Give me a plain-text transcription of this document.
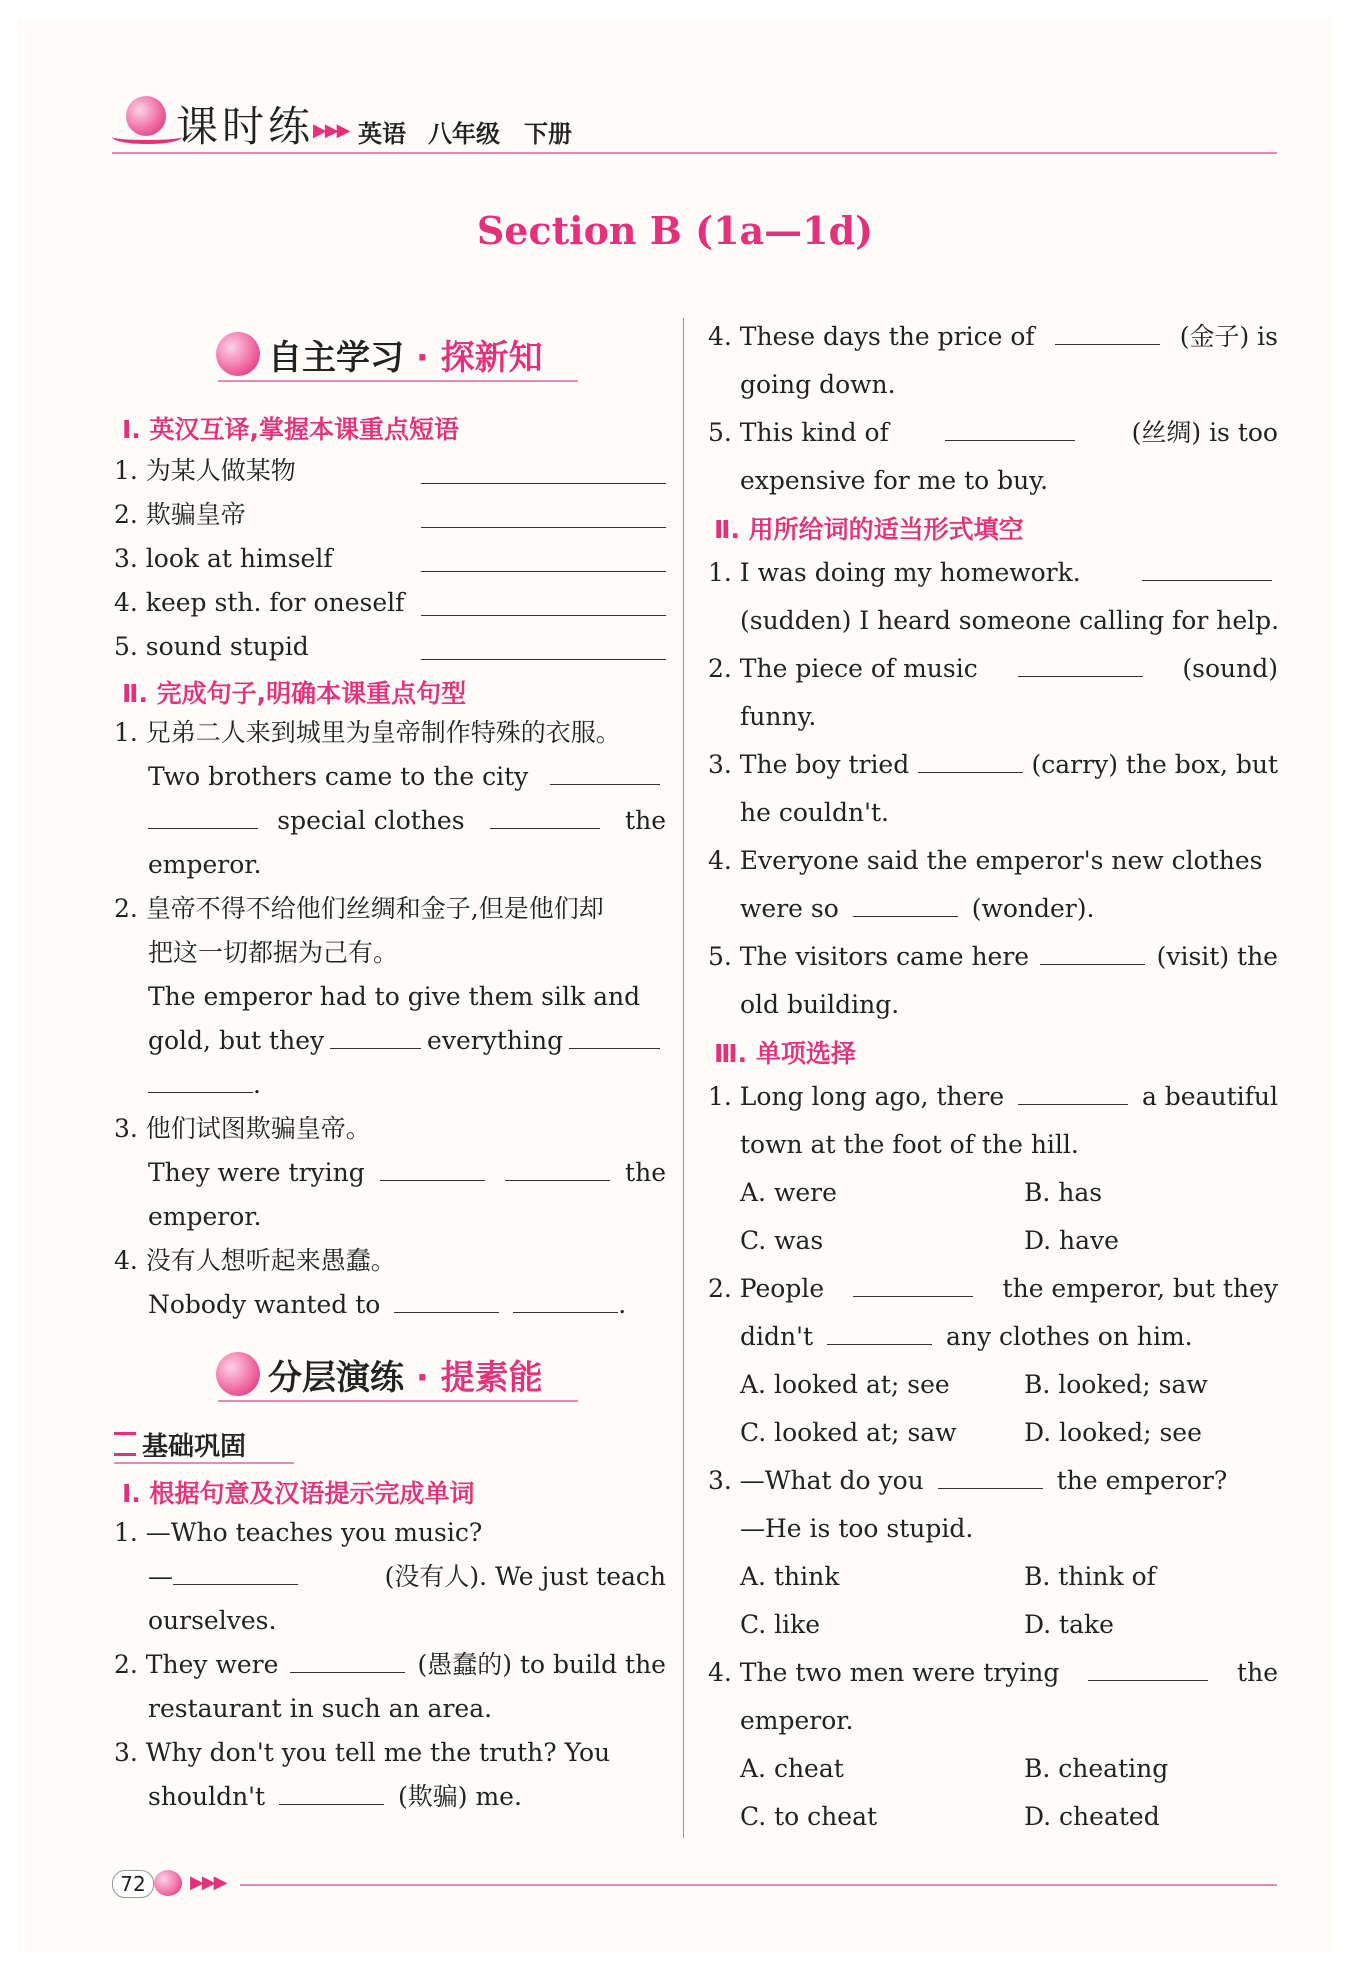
课时练
▶▶▶ 英语 八年级 下册
Section B (1a—1d)
自主学习 · 探新知
Ⅰ. 英汉互译,掌握本课重点短语
1. 为某人做某物
2. 欺骗皇帝
3. look at himself
4. keep sth. for oneself
5. sound stupid
Ⅱ. 完成句子,明确本课重点句型
1. 兄弟二人来到城里为皇帝制作特殊的衣服。
Two brothers came to the city
special clothes	the
emperor.
2. 皇帝不得不给他们丝绸和金子,但是他们却
把这一切都据为己有。
The emperor had to give them silk and
gold, but they	everything
.
3. 他们试图欺骗皇帝。
They were trying	the
emperor.
4. 没有人想听起来愚蠢。
Nobody wanted to	.
分层演练 · 提素能
基础巩固
Ⅰ. 根据句意及汉语提示完成单词
1. —Who teaches you music?
—	(没有人). We just teach
ourselves.
2. They were	(愚蠢的) to build the
restaurant in such an area.
3. Why don't you tell me the truth? You
shouldn't	(欺骗) me.
4. These days the price of	(金子) is
going down.
5. This kind of	(丝绸) is too
expensive for me to buy.
Ⅱ. 用所给词的适当形式填空
1. I was doing my homework.
(sudden) I heard someone calling for help.
2. The piece of music	(sound)
funny.
3. The boy tried	(carry) the box, but
he couldn't.
4. Everyone said the emperor's new clothes
were so	(wonder).
5. The visitors came here	(visit) the
old building.
Ⅲ. 单项选择
1. Long long ago, there	a beautiful
town at the foot of the hill.
A. were	B. has
C. was	D. have
2. People	the emperor, but they
didn't	any clothes on him.
A. looked at; see	B. looked; saw
C. looked at; saw	D. looked; see
3. —What do you	the emperor?
—He is too stupid.
A. think	B. think of
C. like	D. take
4. The two men were trying	the
emperor.
A. cheat	B. cheating
C. to cheat	D. cheated
72	▶▶▶
